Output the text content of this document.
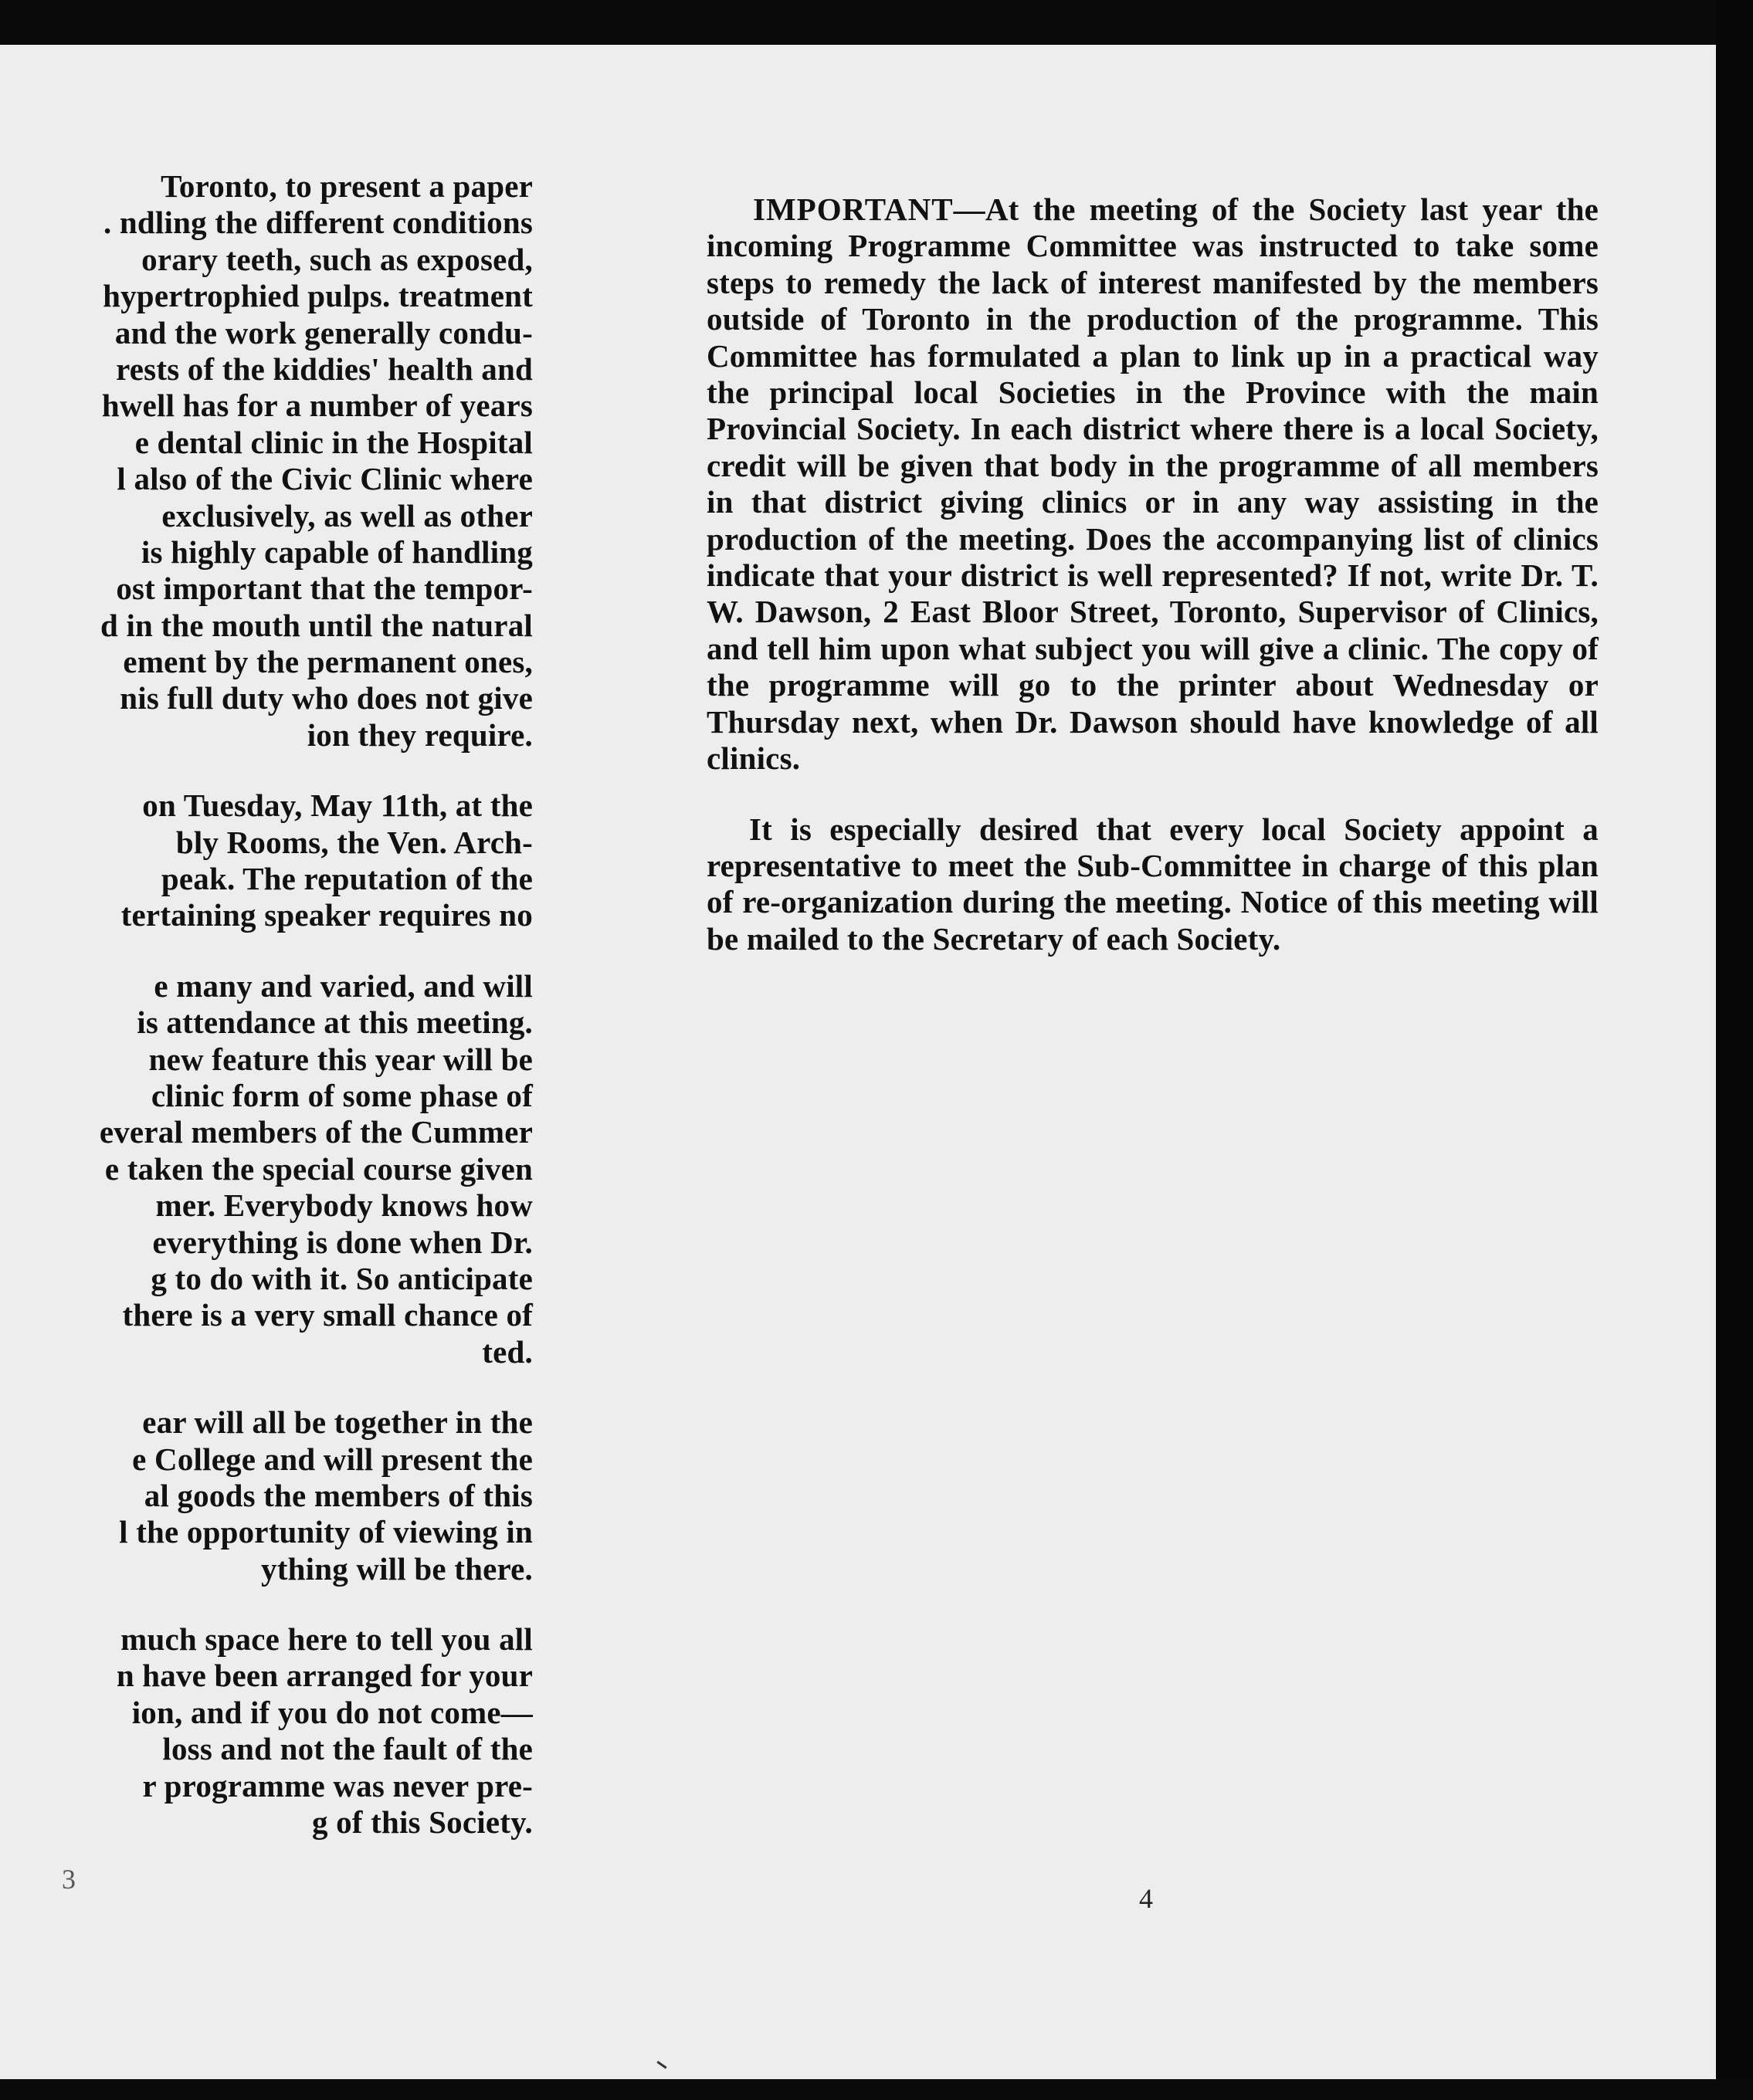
Toronto, to present a paper
. ndling the different conditions
orary teeth, such as exposed,
hypertrophied pulps. treatment
and the work generally condu-
rests of the kiddies' health and
hwell has for a number of years
e dental clinic in the Hospital
l also of the Civic Clinic where
exclusively, as well as other
is highly capable of handling
ost important that the tempor-
d in the mouth until the natural
ement by the permanent ones,
nis full duty who does not give
ion they require.
on Tuesday, May 11th, at the
bly Rooms, the Ven. Arch-
peak. The reputation of the
tertaining speaker requires no
e many and varied, and will
is attendance at this meeting.
new feature this year will be
clinic form of some phase of
everal members of the Cummer
e taken the special course given
mer. Everybody knows how
everything is done when Dr.
g to do with it. So anticipate
there is a very small chance of
ted.
ear will all be together in the
e College and will present the
al goods the members of this
l the opportunity of viewing in
ything will be there.
much space here to tell you all
n have been arranged for your
ion, and if you do not come—
loss and not the fault of the
r programme was never pre-
g of this Society.
3

IMPORTANT—At the meeting of the Society last year the incoming Programme Committee was instructed to take some steps to remedy the lack of interest manifested by the members outside of Toronto in the production of the programme. This Committee has formulated a plan to link up in a practical way the principal local Societies in the Province with the main Provincial Society. In each district where there is a local Society, credit will be given that body in the programme of all members in that district giving clinics or in any way assisting in the production of the meeting. Does the accompanying list of clinics indicate that your district is well represented? If not, write Dr. T. W. Dawson, 2 East Bloor Street, Toronto, Supervisor of Clinics, and tell him upon what subject you will give a clinic. The copy of the programme will go to the printer about Wednesday or Thursday next, when Dr. Dawson should have knowledge of all clinics.

It is especially desired that every local Society appoint a representative to meet the Sub-Committee in charge of this plan of re-organization during the meeting. Notice of this meeting will be mailed to the Secretary of each Society.

4
